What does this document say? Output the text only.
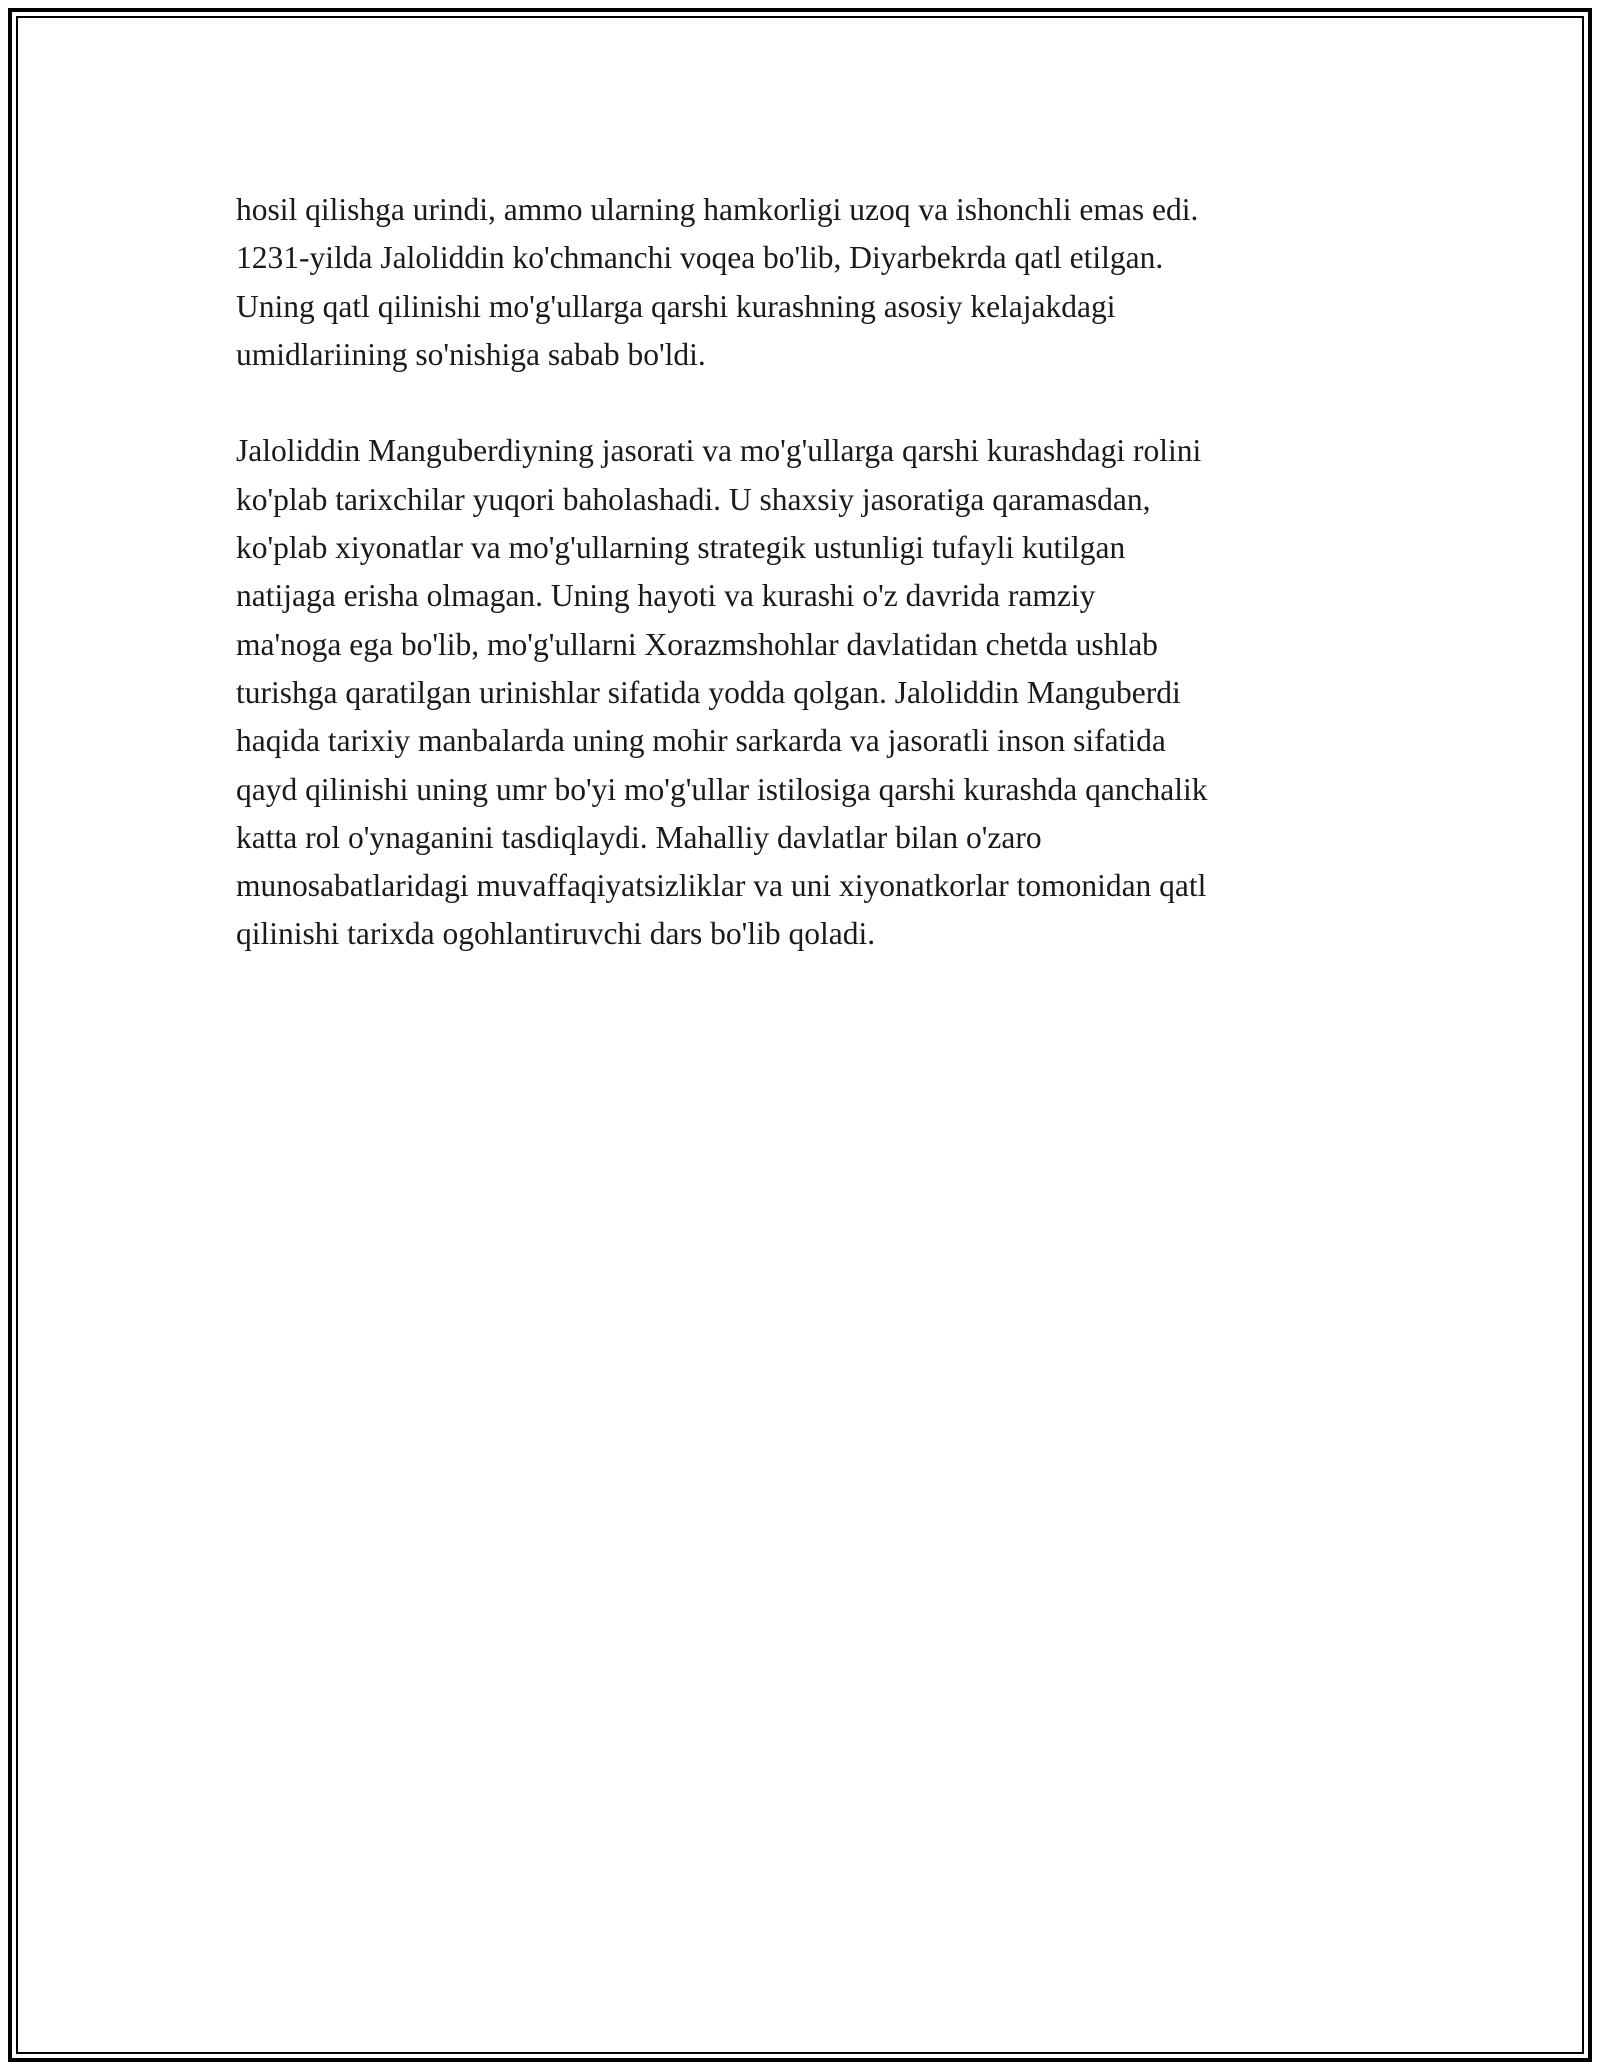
hosil qilishga urindi, ammo ularning hamkorligi uzoq va ishonchli emas edi.
1231-yilda Jaloliddin ko'chmanchi voqea bo'lib, Diyarbekrda qatl etilgan.
Uning qatl qilinishi mo'g'ullarga qarshi kurashning asosiy kelajakdagi
umidlariining so'nishiga sabab bo'ldi.

Jaloliddin Manguberdiyning jasorati va mo'g'ullarga qarshi kurashdagi rolini
ko'plab tarixchilar yuqori baholashadi. U shaxsiy jasoratiga qaramasdan,
ko'plab xiyonatlar va mo'g'ullarning strategik ustunligi tufayli kutilgan
natijaga erisha olmagan. Uning hayoti va kurashi o'z davrida ramziy
ma'noga ega bo'lib, mo'g'ullarni Xorazmshohlar davlatidan chetda ushlab
turishga qaratilgan urinishlar sifatida yodda qolgan. Jaloliddin Manguberdi
haqida tarixiy manbalarda uning mohir sarkarda va jasoratli inson sifatida
qayd qilinishi uning umr bo'yi mo'g'ullar istilosiga qarshi kurashda qanchalik
katta rol o'ynaganini tasdiqlaydi. Mahalliy davlatlar bilan o'zaro
munosabatlaridagi muvaffaqiyatsizliklar va uni xiyonatkorlar tomonidan qatl
qilinishi tarixda ogohlantiruvchi dars bo'lib qoladi.
